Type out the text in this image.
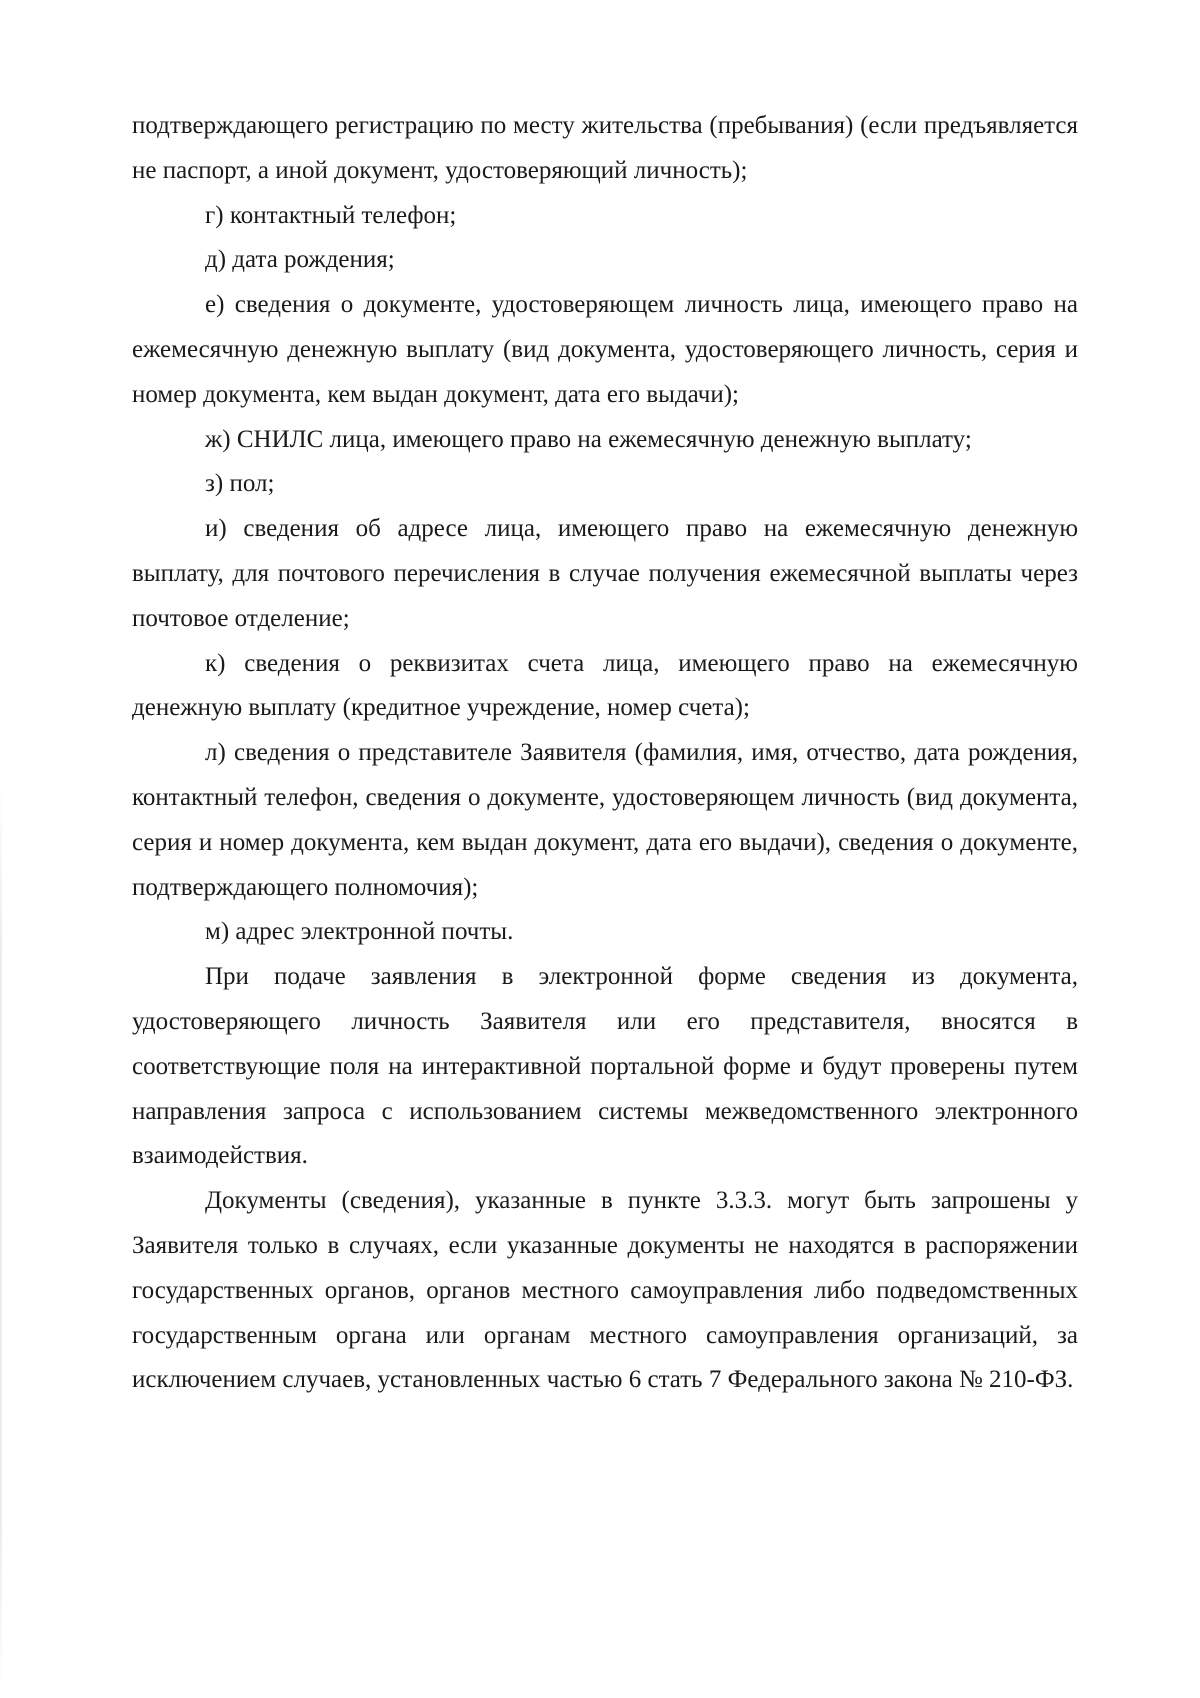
подтверждающего регистрацию по месту жительства (пребывания) (если предъявляется не паспорт, а иной документ, удостоверяющий личность);

г) контактный телефон;

д) дата рождения;

е) сведения о документе, удостоверяющем личность лица, имеющего право на ежемесячную денежную выплату (вид документа, удостоверяющего личность, серия и номер документа, кем выдан документ, дата его выдачи);

ж) СНИЛС лица, имеющего право на ежемесячную денежную выплату;

з) пол;

и) сведения об адресе лица, имеющего право на ежемесячную денежную выплату, для почтового перечисления в случае получения ежемесячной выплаты через почтовое отделение;

к) сведения о реквизитах счета лица, имеющего право на ежемесячную денежную выплату (кредитное учреждение, номер счета);

л) сведения о представителе Заявителя (фамилия, имя, отчество, дата рождения, контактный телефон, сведения о документе, удостоверяющем личность (вид документа, серия и номер документа, кем выдан документ, дата его выдачи), сведения о документе, подтверждающего полномочия);

м) адрес электронной почты.

При подаче заявления в электронной форме сведения из документа, удостоверяющего личность Заявителя или его представителя, вносятся в соответствующие поля на интерактивной портальной форме и будут проверены путем направления запроса с использованием системы межведомственного электронного взаимодействия.

Документы (сведения), указанные в пункте 3.3.3. могут быть запрошены у Заявителя только в случаях, если указанные документы не находятся в распоряжении государственных органов, органов местного самоуправления либо подведомственных государственным органа или органам местного самоуправления организаций, за исключением случаев, установленных частью 6 стать 7 Федерального закона № 210-ФЗ.
